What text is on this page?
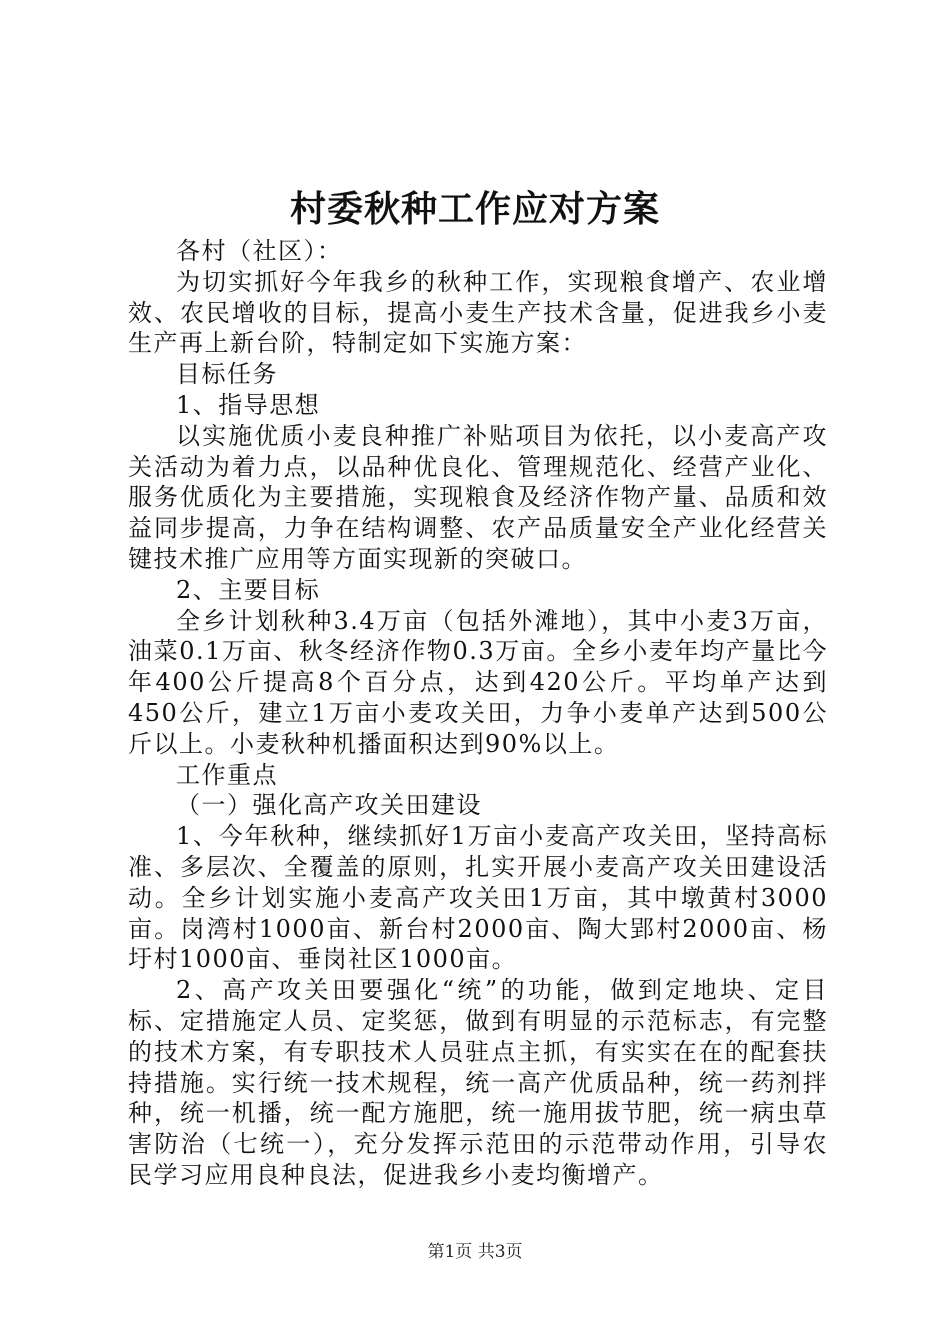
村委秋种工作应对方案

各村（社区）：

为切实抓好今年我乡的秋种工作，实现粮食增产、农业增效、农民增收的目标，提高小麦生产技术含量，促进我乡小麦生产再上新台阶，特制定如下实施方案：

目标任务

1、指导思想

以实施优质小麦良种推广补贴项目为依托，以小麦高产攻关活动为着力点，以品种优良化、管理规范化、经营产业化、服务优质化为主要措施，实现粮食及经济作物产量、品质和效益同步提高，力争在结构调整、农产品质量安全产业化经营关键技术推广应用等方面实现新的突破口。

2、主要目标

全乡计划秋种3.4万亩（包括外滩地），其中小麦3万亩，油菜0.1万亩、秋冬经济作物0.3万亩。全乡小麦年均产量比今年400公斤提高8个百分点，达到420公斤。平均单产达到450公斤，建立1万亩小麦攻关田，力争小麦单产达到500公斤以上。小麦秋种机播面积达到90%以上。

工作重点

（一）强化高产攻关田建设

1、今年秋种，继续抓好1万亩小麦高产攻关田，坚持高标准、多层次、全覆盖的原则，扎实开展小麦高产攻关田建设活动。全乡计划实施小麦高产攻关田1万亩，其中墩黄村3000亩。岗湾村1000亩、新台村2000亩、陶大郢村2000亩、杨圩村1000亩、垂岗社区1000亩。

2、高产攻关田要强化“统”的功能，做到定地块、定目标、定措施定人员、定奖惩，做到有明显的示范标志，有完整的技术方案，有专职技术人员驻点主抓，有实实在在的配套扶持措施。实行统一技术规程，统一高产优质品种，统一药剂拌种，统一机播，统一配方施肥，统一施用拔节肥，统一病虫草害防治（七统一），充分发挥示范田的示范带动作用，引导农民学习应用良种良法，促进我乡小麦均衡增产。

第1页 共3页
